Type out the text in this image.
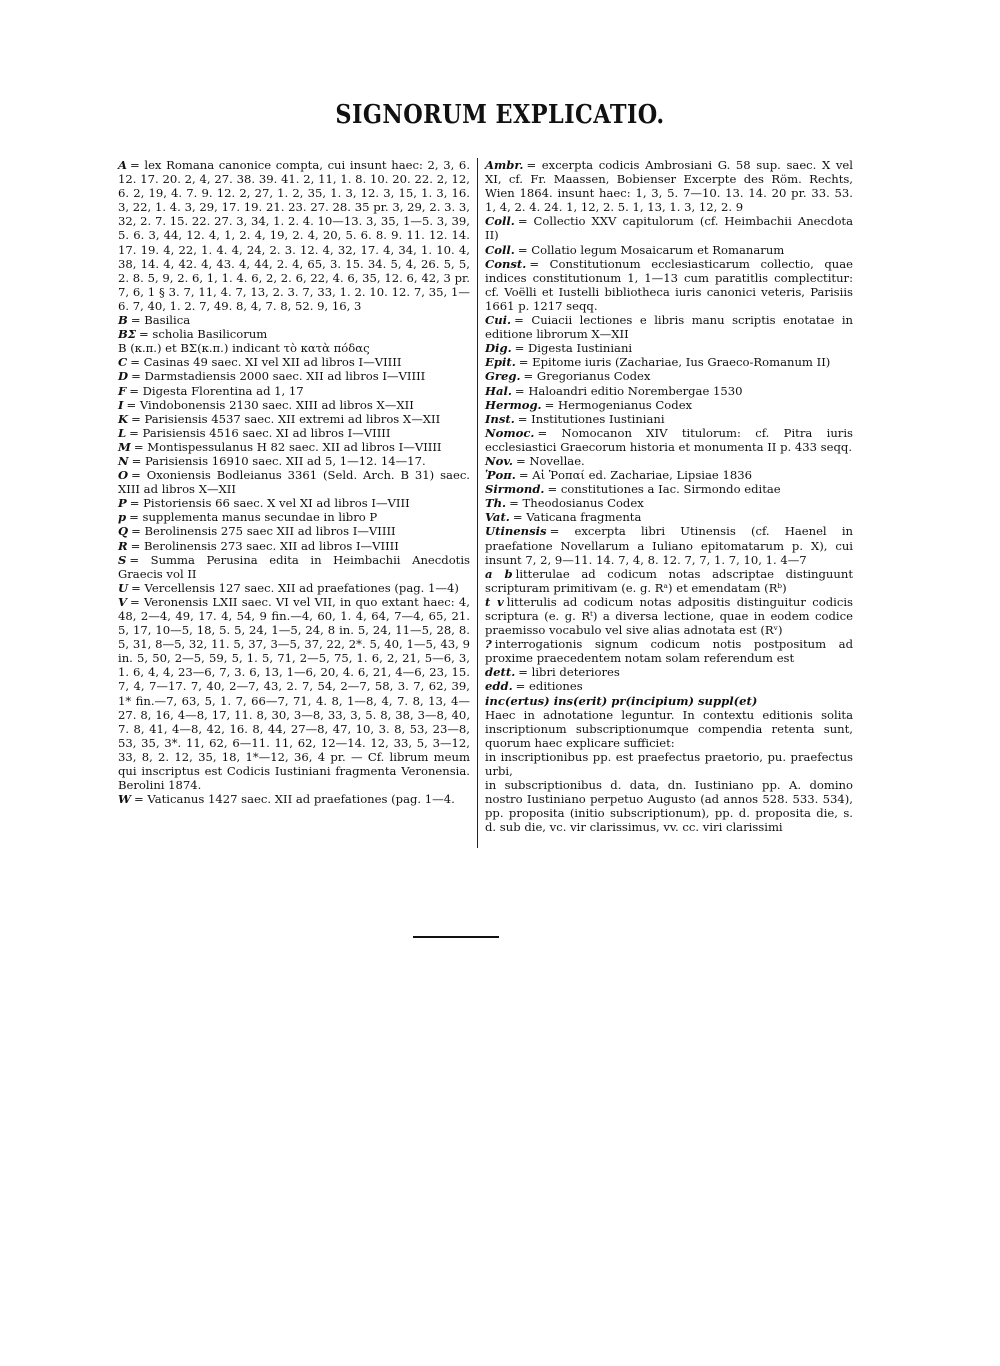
SIGNORUM EXPLICATIO.
A = lex Romana canonice compta, cui insunt haec: 2, 3, 6. 12. 17. 20. 2, 4, 27. 38. 39. 41. 2, 11, 1. 8. 10. 20. 22. 2, 12, 6. 2, 19, 4. 7. 9. 12. 2, 27, 1. 2, 35, 1. 3, 12. 3, 15, 1. 3, 16. 3, 22, 1. 4. 3, 29, 17. 19. 21. 23. 27. 28. 35 pr. 3, 29, 2. 3. 3, 32, 2. 7. 15. 22. 27. 3, 34, 1. 2. 4. 10—13. 3, 35, 1—5. 3, 39, 5. 6. 3, 44, 12. 4, 1, 2. 4, 19, 2. 4, 20, 5. 6. 8. 9. 11. 12. 14. 17. 19. 4, 22, 1. 4. 4, 24, 2. 3. 12. 4, 32, 17. 4, 34, 1. 10. 4, 38, 14. 4, 42. 4, 43. 4, 44, 2. 4, 65, 3. 15. 34. 5, 4, 26. 5, 5, 2. 8. 5, 9, 2. 6, 1, 1. 4. 6, 2, 2. 6, 22, 4. 6, 35, 12. 6, 42, 3 pr. 7, 6, 1 § 3. 7, 11, 4. 7, 13, 2. 3. 7, 33, 1. 2. 10. 12. 7, 35, 1—6. 7, 40, 1. 2. 7, 49. 8, 4, 7. 8, 52. 9, 16, 3
B = Basilica
BΣ = scholia Basilicorum
B (κ.π.) et BΣ(κ.π.) indicant τὸ κατὰ πόδας
C = Casinas 49 saec. XI vel XII ad libros I—VIIII
D = Darmstadiensis 2000 saec. XII ad libros I—VIIII
F = Digesta Florentina ad 1, 17
I = Vindobonensis 2130 saec. XIII ad libros X—XII
K = Parisiensis 4537 saec. XII extremi ad libros X—XII
L = Parisiensis 4516 saec. XI ad libros I—VIIII
M = Montispessulanus H 82 saec. XII ad libros I—VIIII
N = Parisiensis 16910 saec. XII ad 5, 1—12. 14—17.
O = Oxoniensis Bodleianus 3361 (Seld. Arch. B 31) saec. XIII ad libros X—XII
P = Pistoriensis 66 saec. X vel XI ad libros I—VIII
p = supplementa manus secundae in libro P
Q = Berolinensis 275 saec XII ad libros I—VIIII
R = Berolinensis 273 saec. XII ad libros I—VIIII
S = Summa Perusina edita in Heimbachii Anecdotis Graecis vol II
U = Vercellensis 127 saec. XII ad praefationes (pag. 1—4)
V = Veronensis LXII saec. VI vel VII, in quo extant haec: 4, 48, 2—4, 49, 17. 4, 54, 9 fin.—4, 60, 1. 4, 64, 7—4, 65, 21. 5, 17, 10—5, 18, 5. 5, 24, 1—5, 24, 8 in. 5, 24, 11—5, 28, 8. 5, 31, 8—5, 32, 11. 5, 37, 3—5, 37, 22, 2*. 5, 40, 1—5, 43, 9 in. 5, 50, 2—5, 59, 5, 1. 5, 71, 2—5, 75, 1. 6, 2, 21, 5—6, 3, 1. 6, 4, 4, 23—6, 7, 3. 6, 13, 1—6, 20, 4. 6, 21, 4—6, 23, 15. 7, 4, 7—17. 7, 40, 2—7, 43, 2. 7, 54, 2—7, 58, 3. 7, 62, 39, 1* fin.—7, 63, 5, 1. 7, 66—7, 71, 4. 8, 1—8, 4, 7. 8, 13, 4—27. 8, 16, 4—8, 17, 11. 8, 30, 3—8, 33, 3, 5. 8, 38, 3—8, 40, 7. 8, 41, 4—8, 42, 16. 8, 44, 27—8, 47, 10, 3. 8, 53, 23—8, 53, 35, 3*. 11, 62, 6—11. 11, 62, 12—14. 12, 33, 5, 3—12, 33, 8, 2. 12, 35, 18, 1*—12, 36, 4 pr. — Cf. librum meum qui inscriptus est Codicis Iustiniani fragmenta Veronensia. Berolini 1874.
W = Vaticanus 1427 saec. XII ad praefationes (pag. 1—4.
Ambr. = excerpta codicis Ambrosiani G. 58 sup. saec. X vel XI, cf. Fr. Maassen, Bobienser Excerpte des Röm. Rechts, Wien 1864. insunt haec: 1, 3, 5. 7—10. 13. 14. 20 pr. 33. 53. 1, 4, 2. 4. 24. 1, 12, 2. 5. 1, 13, 1. 3, 12, 2. 9
Coll. = Collectio XXV capitulorum (cf. Heimbachii Anecdota II)
Coll. = Collatio legum Mosaicarum et Romanarum
Const. = Constitutionum ecclesiasticarum collectio, quae indices constitutionum 1, 1—13 cum paratitlis complectitur: cf. Voëlli et Iustelli bibliotheca iuris canonici veteris, Parisiis 1661 p. 1217 seqq.
Cui. = Cuiacii lectiones e libris manu scriptis enotatae in editione librorum X—XII
Dig. = Digesta Iustiniani
Epit. = Epitome iuris (Zachariae, Ius Graeco-Romanum II)
Greg. = Gregorianus Codex
Hal. = Haloandri editio Norembergae 1530
Hermog. = Hermogenianus Codex
Inst. = Institutiones Iustiniani
Nomoc. = Nomocanon XIV titulorum: cf. Pitra iuris ecclesiastici Graecorum historia et monumenta II p. 433 seqq.
Nov. = Novellae.
Ῥοπ. = Αἱ Ῥοπαί ed. Zachariae, Lipsiae 1836
Sirmond. = constitutiones a Iac. Sirmondo editae
Th. = Theodosianus Codex
Vat. = Vaticana fragmenta
Utinensis = excerpta libri Utinensis (cf. Haenel in praefatione Novellarum a Iuliano epitomatarum p. X), cui insunt 7, 2, 9—11. 14. 7, 4, 8. 12. 7, 7, 1. 7, 10, 1. 4—7
a b litterulae ad codicum notas adscriptae distinguunt scripturam primitivam (e. g. Rᵃ) et emendatam (Rᵇ)
t v litterulis ad codicum notas adpositis distinguitur codicis scriptura (e. g. Rᵗ) a diversa lectione, quae in eodem codice praemisso vocabulo vel sive alias adnotata est (Rᵛ)
? interrogationis signum codicum notis postpositum ad proxime praecedentem notam solam referendum est
dett. = libri deteriores
edd. = editiones
inc(ertus) ins(erit) pr(incipium) suppl(et)
Haec in adnotatione leguntur. In contextu editionis solita inscriptionum subscriptionumque compendia retenta sunt, quorum haec explicare sufficiet:
in inscriptionibus pp. est praefectus praetorio, pu. praefectus urbi,
in subscriptionibus d. data, dn. Iustiniano pp. A. domino nostro Iustiniano perpetuo Augusto (ad annos 528. 533. 534), pp. proposita (initio subscriptionum), pp. d. proposita die, s. d. sub die, vc. vir clarissimus, vv. cc. viri clarissimi
